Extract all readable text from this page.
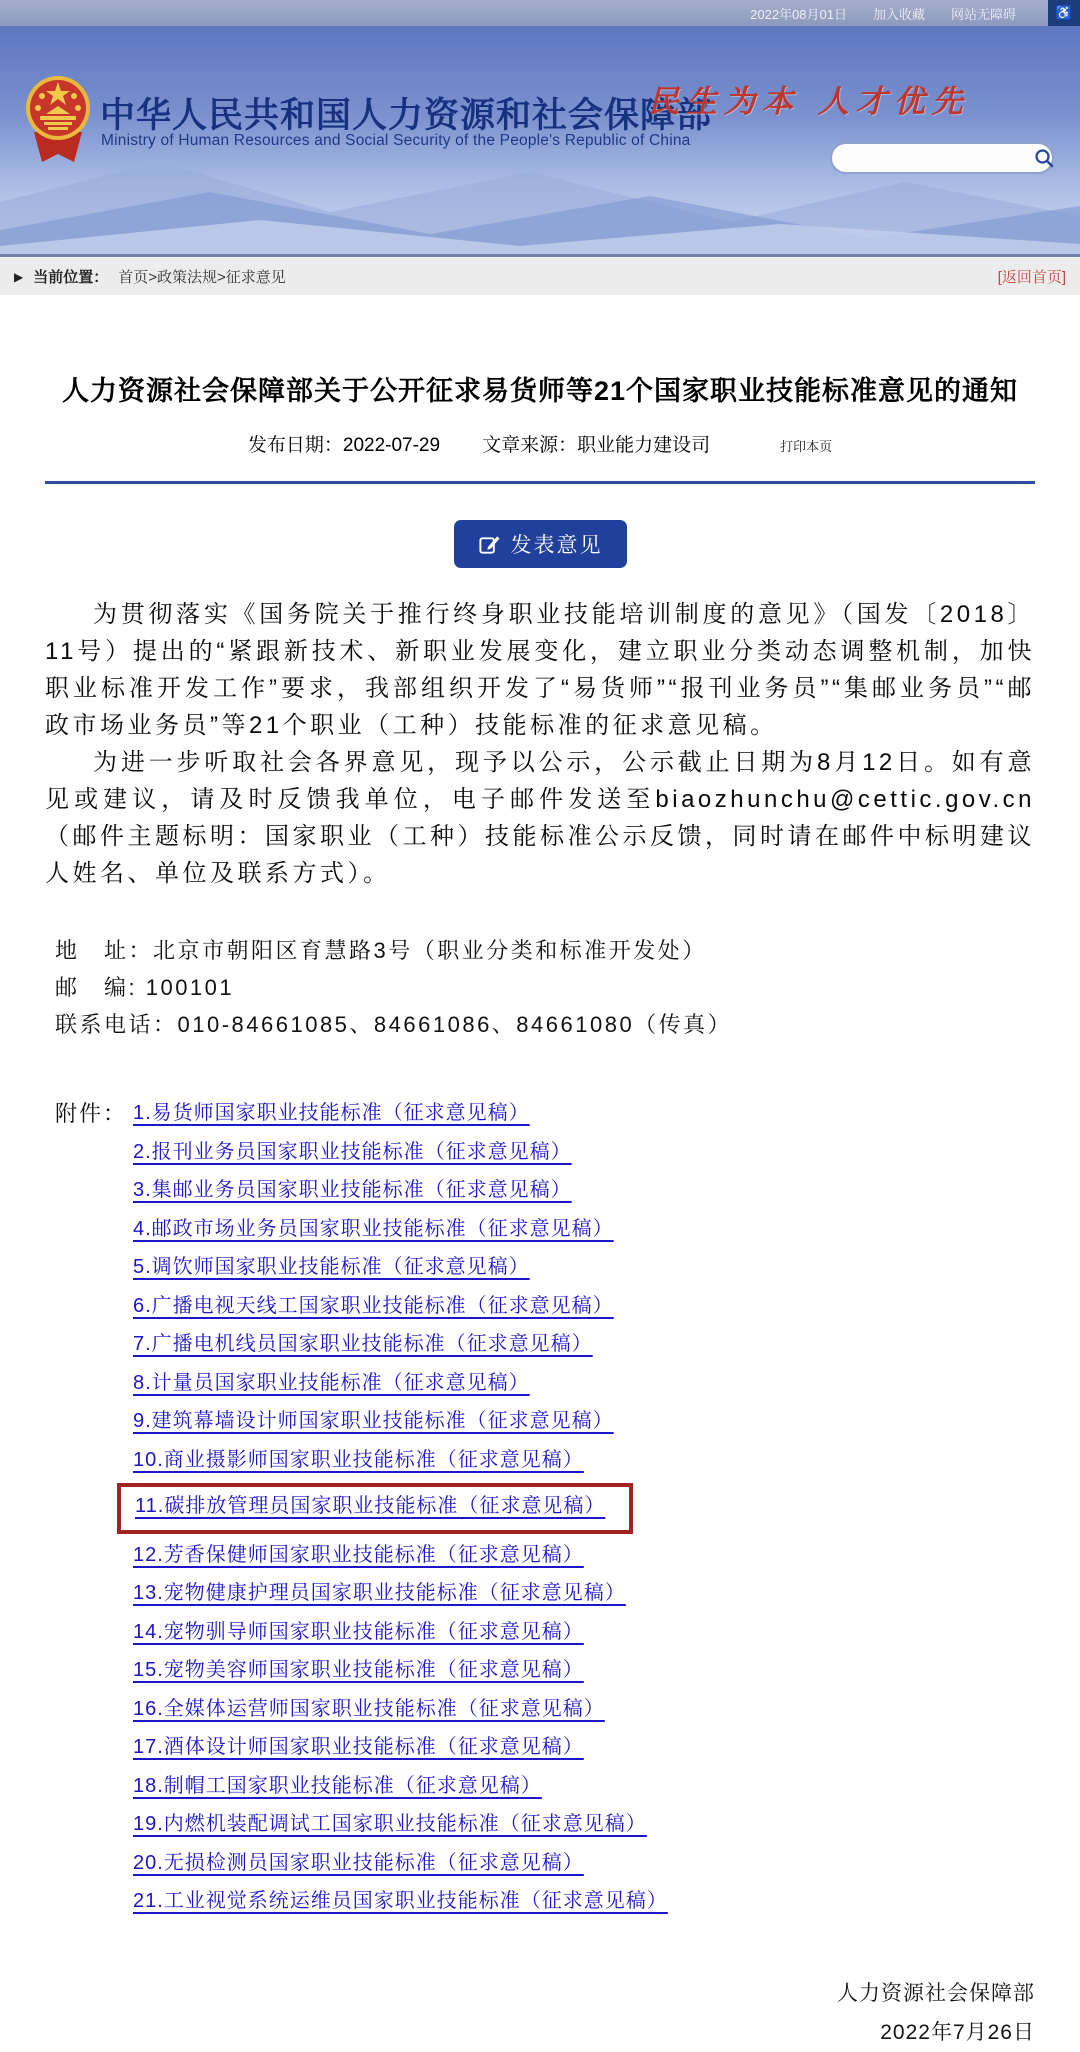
2022年08月01日 加入收藏 网站无障碍	♿
中华人民共和国人力资源和社会保障部
Ministry of Human Resources and Social Security of the People's Republic of China
民生为本 人才优先
▶ 当前位置： 首页>政策法规>征求意见	[返回首页]
人力资源社会保障部关于公开征求易货师等21个国家职业技能标准意见的通知
发布日期：2022-07-29 文章来源：职业能力建设司	打印本页
发表意见

为贯彻落实《国务院关于推行终身职业技能培训制度的意见》（国发〔2018〕11号）提出的“紧跟新技术、新职业发展变化，建立职业分类动态调整机制，加快职业标准开发工作”要求，我部组织开发了“易货师”“报刊业务员”“集邮业务员”“邮政市场业务员”等21个职业（工种）技能标准的征求意见稿。

为进一步听取社会各界意见，现予以公示，公示截止日期为8月12日。如有意见或建议，请及时反馈我单位，电子邮件发送至biaozhunchu@cettic.gov.cn（邮件主题标明：国家职业（工种）技能标准公示反馈，同时请在邮件中标明建议人姓名、单位及联系方式）。

地　址：北京市朝阳区育慧路3号（职业分类和标准开发处）
邮　编: 100101
联系电话：010-84661085、84661086、84661080（传真）
附件： 1.易货师国家职业技能标准（征求意见稿）
2.报刊业务员国家职业技能标准（征求意见稿）
3.集邮业务员国家职业技能标准（征求意见稿）
4.邮政市场业务员国家职业技能标准（征求意见稿）
5.调饮师国家职业技能标准（征求意见稿）
6.广播电视天线工国家职业技能标准（征求意见稿）
7.广播电机线员国家职业技能标准（征求意见稿）
8.计量员国家职业技能标准（征求意见稿）
9.建筑幕墙设计师国家职业技能标准（征求意见稿）
10.商业摄影师国家职业技能标准（征求意见稿）
11.碳排放管理员国家职业技能标准（征求意见稿）
12.芳香保健师国家职业技能标准（征求意见稿）
13.宠物健康护理员国家职业技能标准（征求意见稿）
14.宠物驯导师国家职业技能标准（征求意见稿）
15.宠物美容师国家职业技能标准（征求意见稿）
16.全媒体运营师国家职业技能标准（征求意见稿）
17.酒体设计师国家职业技能标准（征求意见稿）
18.制帽工国家职业技能标准（征求意见稿）
19.内燃机装配调试工国家职业技能标准（征求意见稿）
20.无损检测员国家职业技能标准（征求意见稿）
21.工业视觉系统运维员国家职业技能标准（征求意见稿）
人力资源社会保障部
2022年7月26日
